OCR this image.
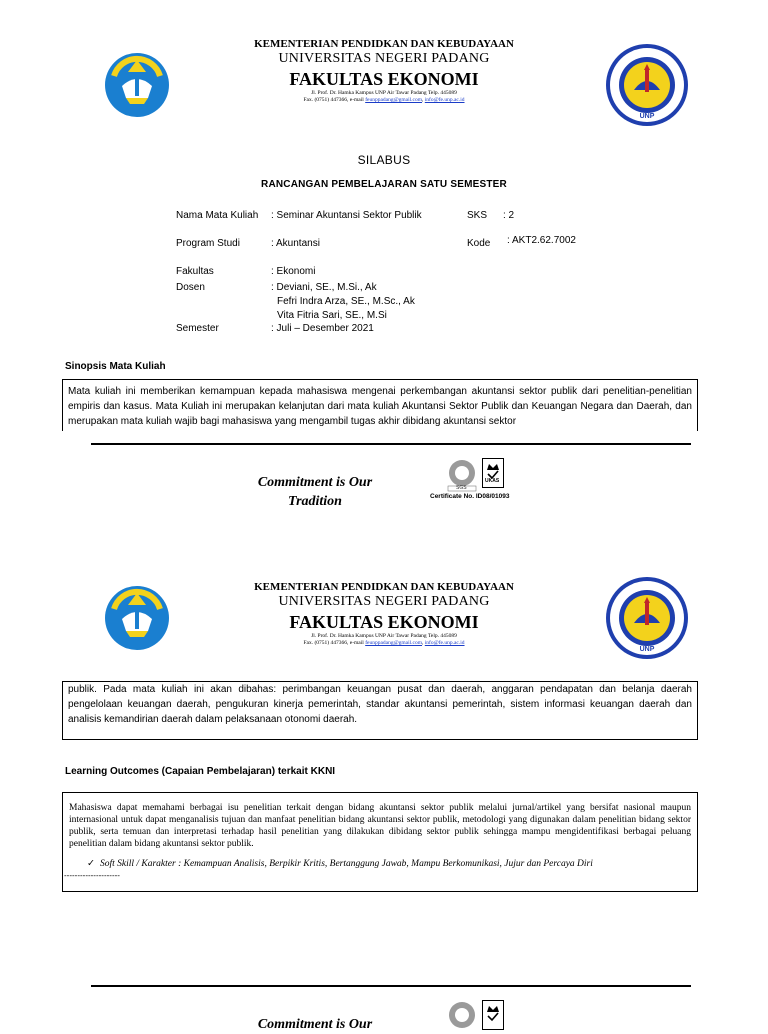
KEMENTERIAN PENDIDKAN DAN KEBUDAYAAN
UNIVERSITAS NEGERI PADANG
FAKULTAS EKONOMI
Jl. Prof. Dr. Hamka Kampus UNP Air Tawar Padang Telp. 445089
Fax. (0751) 447366, e-mail feunppadang@gmail.com, info@fe.unp.ac.id
UNP
SILABUS
RANCANGAN PEMBELAJARAN SATU SEMESTER
Nama Mata Kuliah : Seminar Akuntansi Sektor Publik	SKS : 2
Program Studi	: Akuntansi	Kode : AKT2.62.7002
Fakultas	: Ekonomi
Dosen	: Deviani, SE., M.Si., Ak
Fefri Indra Arza, SE., M.Sc., Ak
Vita Fitria Sari, SE., M.Si
Semester	: Juli – Desember 2021
Sinopsis Mata Kuliah
Mata kuliah ini memberikan kemampuan kepada mahasiswa mengenai perkembangan akuntansi sektor publik dari penelitian-penelitian empiris dan kasus. Mata Kuliah ini merupakan kelanjutan dari mata kuliah Akuntansi Sektor Publik dan Keuangan Negara dan Daerah, dan merupakan mata kuliah wajib bagi mahasiswa yang mengambil tugas akhir dibidang akuntansi sektor
Commitment is Our
Tradition
SGS
UKAS
Certificate No. ID08/01093
KEMENTERIAN PENDIDKAN DAN KEBUDAYAAN
UNIVERSITAS NEGERI PADANG
FAKULTAS EKONOMI
Jl. Prof. Dr. Hamka Kampus UNP Air Tawar Padang Telp. 445089
Fax. (0751) 447366, e-mail feunppadang@gmail.com, info@fe.unp.ac.id
UNP
publik. Pada mata kuliah ini akan dibahas: perimbangan keuangan pusat dan daerah, anggaran pendapatan dan belanja daerah pengelolaan keuangan daerah, pengukuran kinerja pemerintah, standar akuntansi pemerintah, sistem informasi keuangan daerah dan analisis kemandirian daerah dalam pelaksanaan otonomi daerah.
Learning Outcomes (Capaian Pembelajaran) terkait KKNI
Mahasiswa dapat memahami berbagai isu penelitian terkait dengan bidang akuntansi sektor publik melalui jurnal/artikel yang bersifat nasional maupun internasional untuk dapat menganalisis tujuan dan manfaat penelitian bidang akuntansi sektor publik, metodologi yang digunakan dalam penelitian bidang sektor publik, serta temuan dan interpretasi terhadap hasil penelitian yang dilakukan dibidang sektor publik sehingga mampu mengidentifikasi berbagai peluang penelitian dalam bidang akuntansi sektor publik.
✓ Soft Skill / Karakter : Kemampuan Analisis, Berpikir Kritis, Bertanggung Jawab, Mampu Berkomunikasi, Jujur dan Percaya Diri
---------------------
Commitment is Our
